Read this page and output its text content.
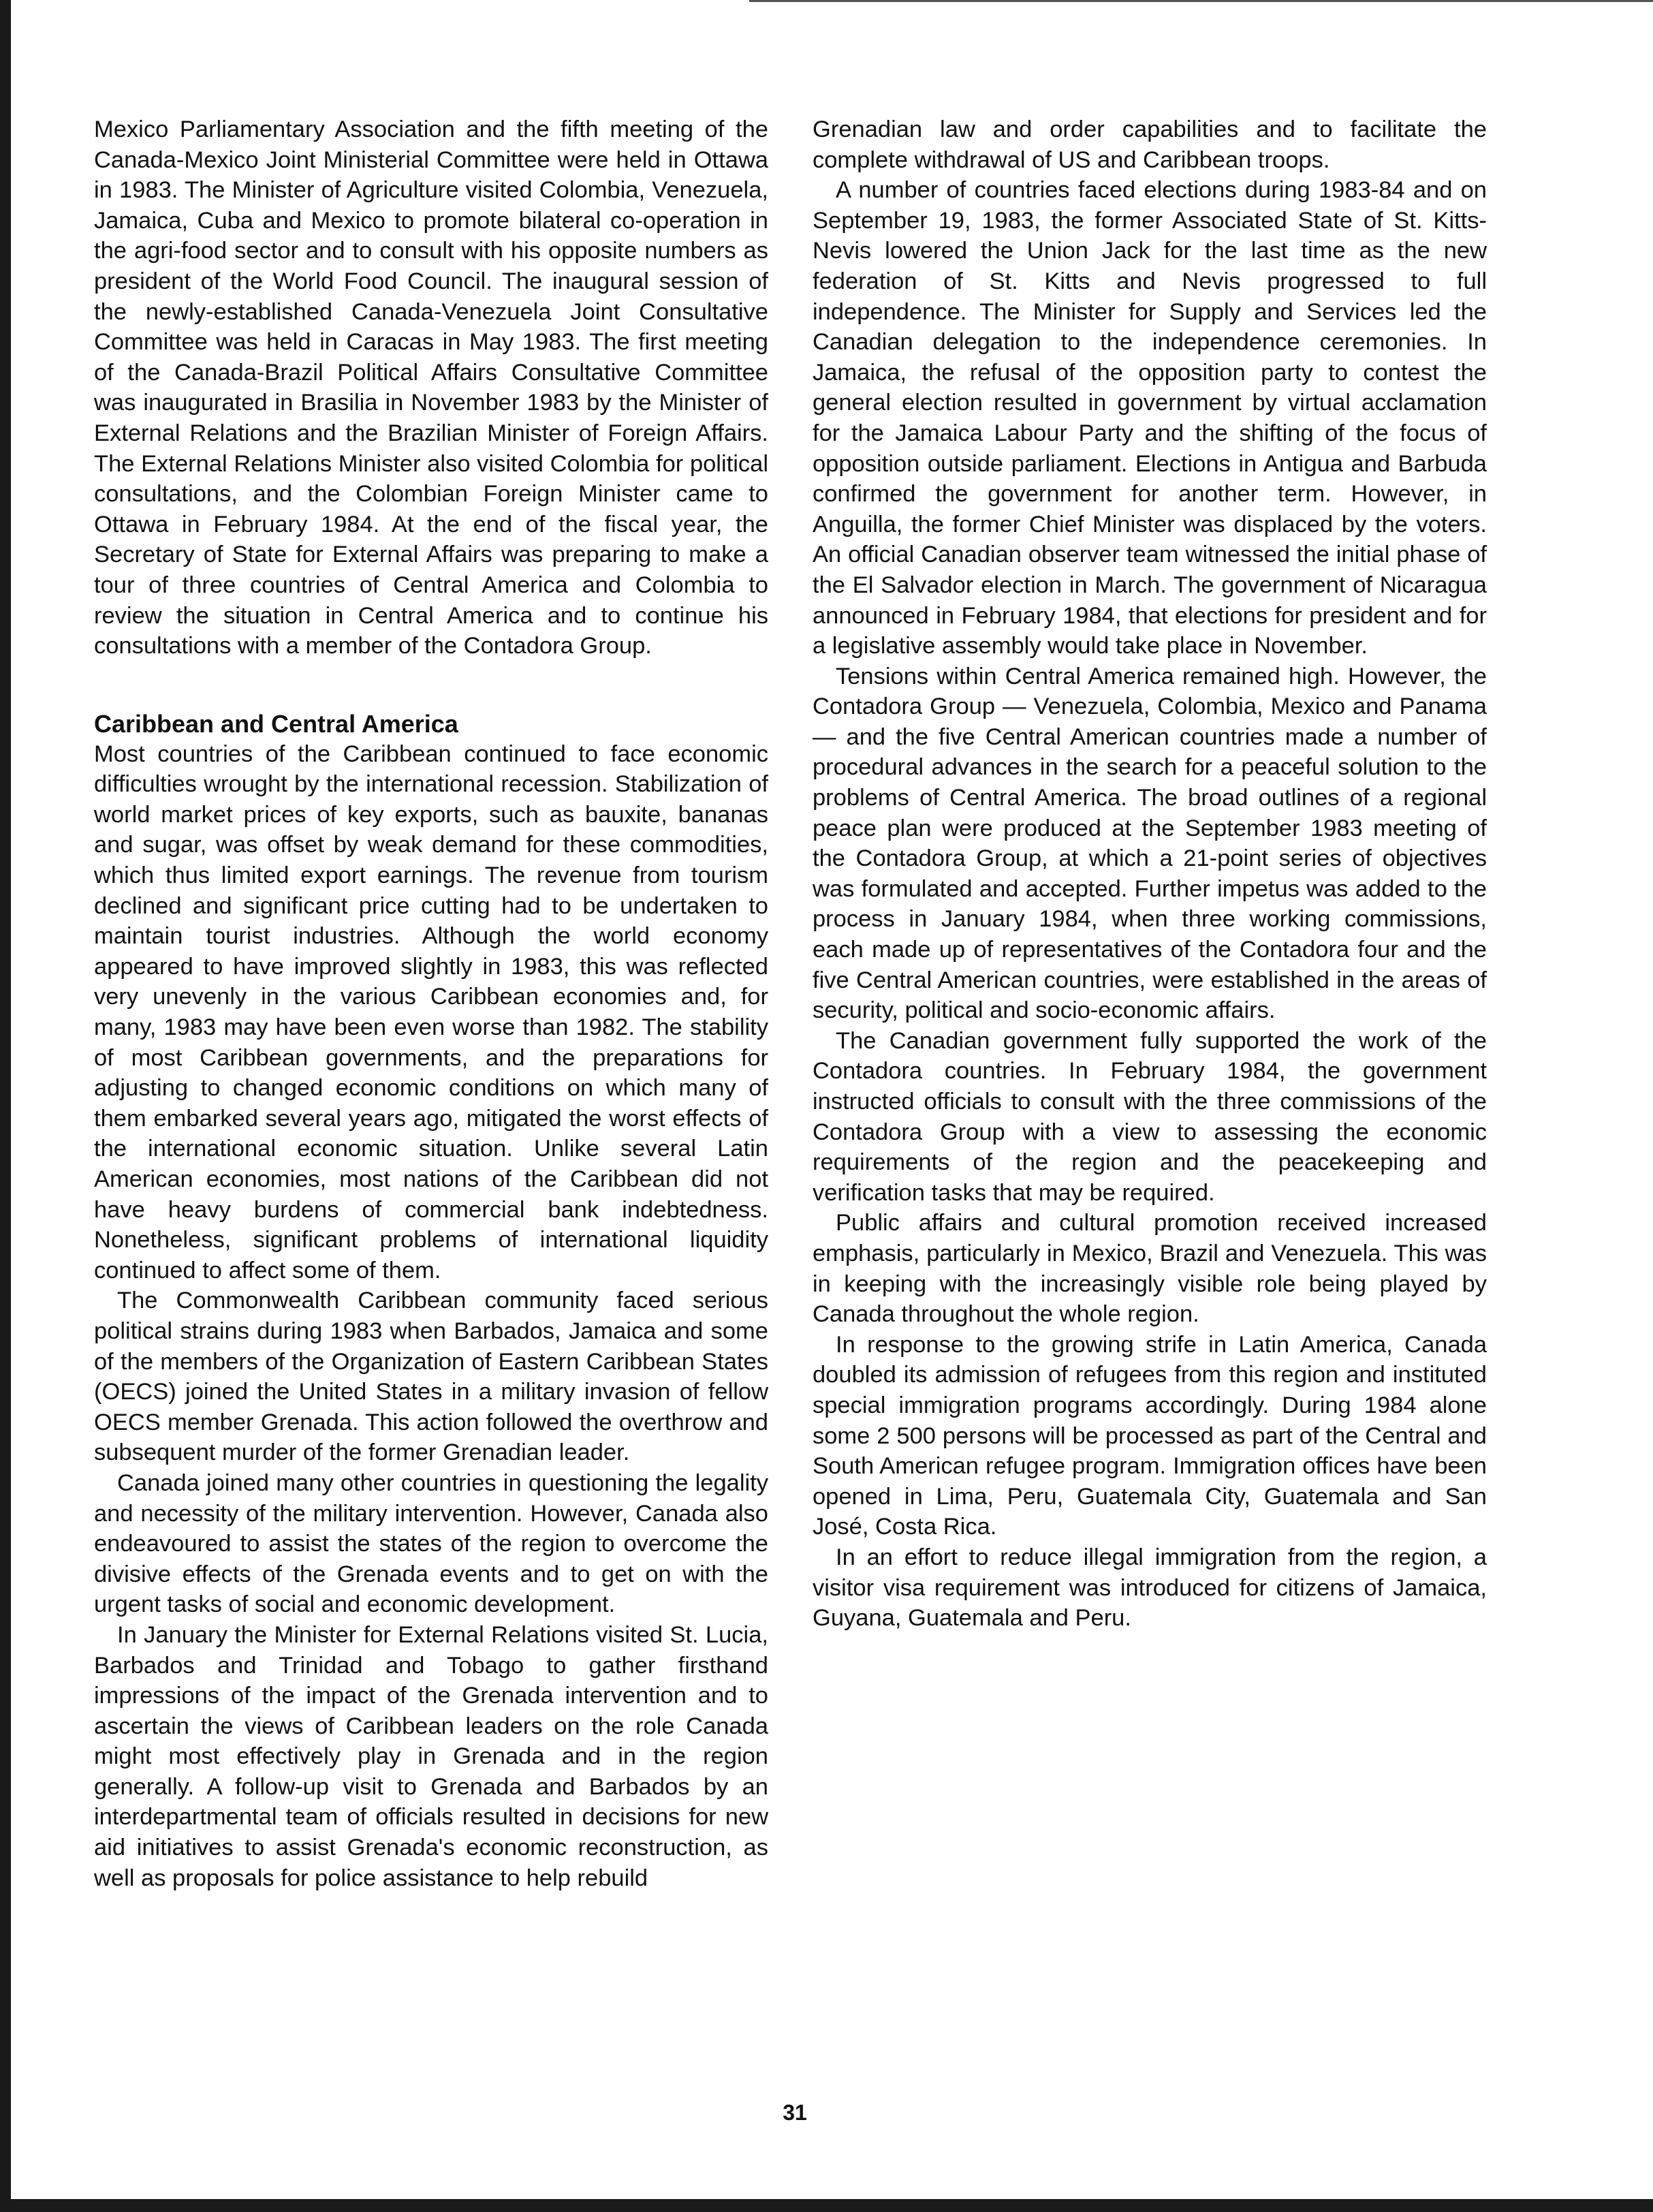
Mexico Parliamentary Association and the fifth meeting of the Canada-Mexico Joint Ministerial Committee were held in Ottawa in 1983. The Minister of Agriculture visited Colombia, Venezuela, Jamaica, Cuba and Mexico to promote bilateral co-operation in the agri-food sector and to consult with his opposite numbers as president of the World Food Council. The inaugural session of the newly-established Canada-Venezuela Joint Consultative Committee was held in Caracas in May 1983. The first meeting of the Canada-Brazil Political Affairs Consultative Committee was inaugurated in Brasilia in November 1983 by the Minister of External Relations and the Brazilian Minister of Foreign Affairs. The External Relations Minister also visited Colombia for political consultations, and the Colombian Foreign Minister came to Ottawa in February 1984. At the end of the fiscal year, the Secretary of State for External Affairs was preparing to make a tour of three countries of Central America and Colombia to review the situation in Central America and to continue his consultations with a member of the Contadora Group.

Caribbean and Central America

Most countries of the Caribbean continued to face economic difficulties wrought by the international recession. Stabilization of world market prices of key exports, such as bauxite, bananas and sugar, was offset by weak demand for these commodities, which thus limited export earnings. The revenue from tourism declined and significant price cutting had to be undertaken to maintain tourist industries. Although the world economy appeared to have improved slightly in 1983, this was reflected very unevenly in the various Caribbean economies and, for many, 1983 may have been even worse than 1982. The stability of most Caribbean governments, and the preparations for adjusting to changed economic conditions on which many of them embarked several years ago, mitigated the worst effects of the international economic situation. Unlike several Latin American economies, most nations of the Caribbean did not have heavy burdens of commercial bank indebtedness. Nonetheless, significant problems of international liquidity continued to affect some of them.

The Commonwealth Caribbean community faced serious political strains during 1983 when Barbados, Jamaica and some of the members of the Organization of Eastern Caribbean States (OECS) joined the United States in a military invasion of fellow OECS member Grenada. This action followed the overthrow and subsequent murder of the former Grenadian leader.

Canada joined many other countries in questioning the legality and necessity of the military intervention. However, Canada also endeavoured to assist the states of the region to overcome the divisive effects of the Grenada events and to get on with the urgent tasks of social and economic development.

In January the Minister for External Relations visited St. Lucia, Barbados and Trinidad and Tobago to gather firsthand impressions of the impact of the Grenada intervention and to ascertain the views of Caribbean leaders on the role Canada might most effectively play in Grenada and in the region generally. A follow-up visit to Grenada and Barbados by an interdepartmental team of officials resulted in decisions for new aid initiatives to assist Grenada's economic reconstruction, as well as proposals for police assistance to help rebuild

Grenadian law and order capabilities and to facilitate the complete withdrawal of US and Caribbean troops.

A number of countries faced elections during 1983-84 and on September 19, 1983, the former Associated State of St. Kitts-Nevis lowered the Union Jack for the last time as the new federation of St. Kitts and Nevis progressed to full independence. The Minister for Supply and Services led the Canadian delegation to the independence ceremonies. In Jamaica, the refusal of the opposition party to contest the general election resulted in government by virtual acclamation for the Jamaica Labour Party and the shifting of the focus of opposition outside parliament. Elections in Antigua and Barbuda confirmed the government for another term. However, in Anguilla, the former Chief Minister was displaced by the voters. An official Canadian observer team witnessed the initial phase of the El Salvador election in March. The government of Nicaragua announced in February 1984, that elections for president and for a legislative assembly would take place in November.

Tensions within Central America remained high. However, the Contadora Group — Venezuela, Colombia, Mexico and Panama — and the five Central American countries made a number of procedural advances in the search for a peaceful solution to the problems of Central America. The broad outlines of a regional peace plan were produced at the September 1983 meeting of the Contadora Group, at which a 21-point series of objectives was formulated and accepted. Further impetus was added to the process in January 1984, when three working commissions, each made up of representatives of the Contadora four and the five Central American countries, were established in the areas of security, political and socio-economic affairs.

The Canadian government fully supported the work of the Contadora countries. In February 1984, the government instructed officials to consult with the three commissions of the Contadora Group with a view to assessing the economic requirements of the region and the peacekeeping and verification tasks that may be required.

Public affairs and cultural promotion received increased emphasis, particularly in Mexico, Brazil and Venezuela. This was in keeping with the increasingly visible role being played by Canada throughout the whole region.

In response to the growing strife in Latin America, Canada doubled its admission of refugees from this region and instituted special immigration programs accordingly. During 1984 alone some 2 500 persons will be processed as part of the Central and South American refugee program. Immigration offices have been opened in Lima, Peru, Guatemala City, Guatemala and San José, Costa Rica.

In an effort to reduce illegal immigration from the region, a visitor visa requirement was introduced for citizens of Jamaica, Guyana, Guatemala and Peru.

31
